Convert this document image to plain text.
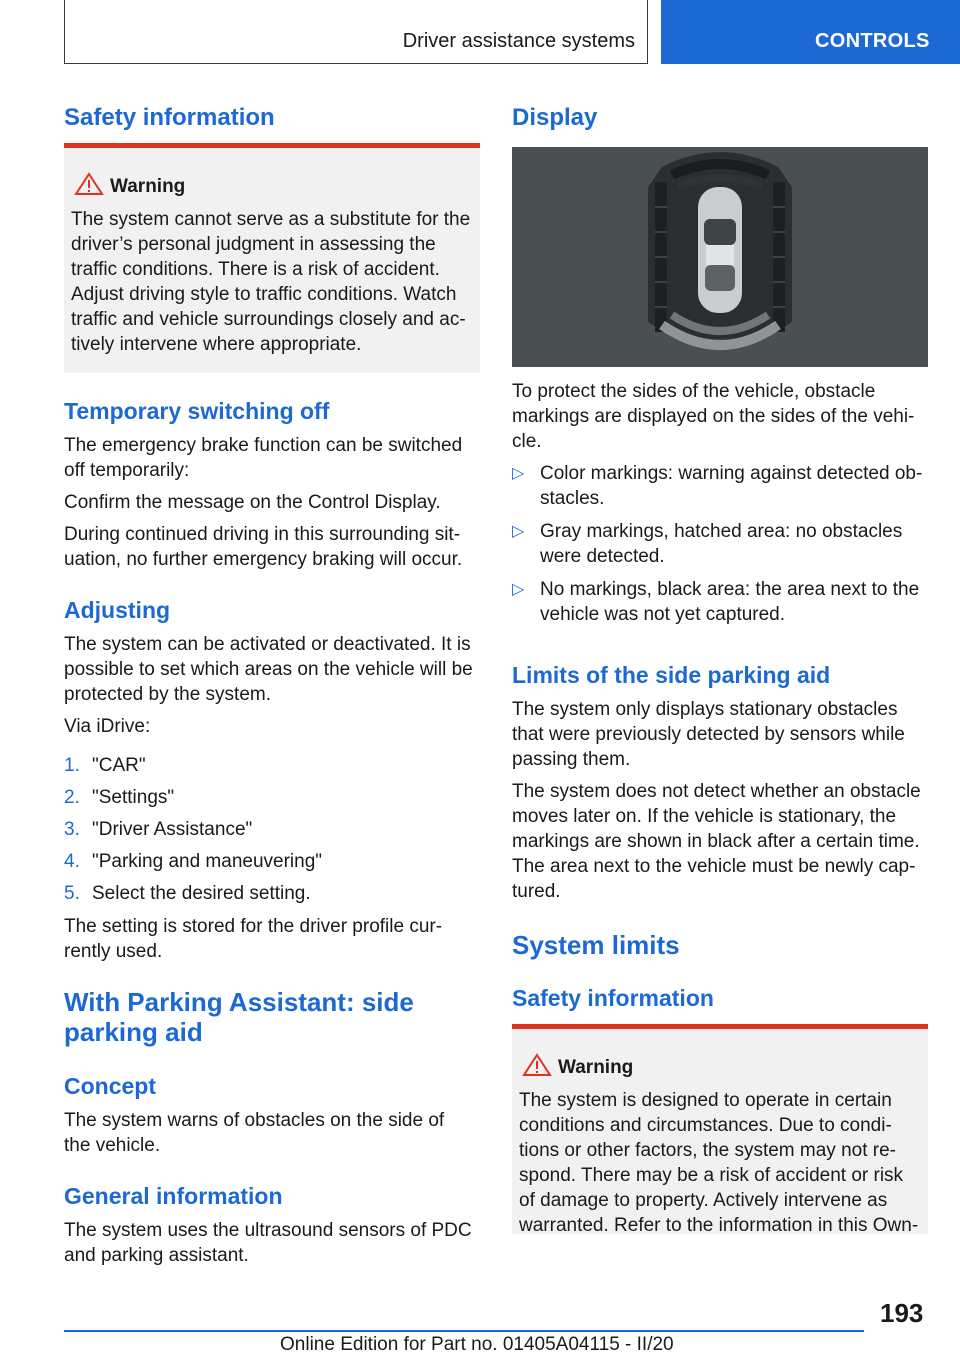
Driver assistance systems	CONTROLS
Safety information
Warning
The system cannot serve as a substitute for the
driver’s personal judgment in assessing the
traffic conditions. There is a risk of accident.
Adjust driving style to traffic conditions. Watch
traffic and vehicle surroundings closely and ac‐
tively intervene where appropriate.
Temporary switching off
The emergency brake function can be switched
off temporarily:
Confirm the message on the Control Display.
During continued driving in this surrounding sit‐
uation, no further emergency braking will occur.
Adjusting
The system can be activated or deactivated. It is
possible to set which areas on the vehicle will be
protected by the system.
Via iDrive:
1. "CAR"
2. "Settings"
3. "Driver Assistance"
4. "Parking and maneuvering"
5. Select the desired setting.
The setting is stored for the driver profile cur‐
rently used.
With Parking Assistant: side
parking aid
Concept
The system warns of obstacles on the side of
the vehicle.
General information
The system uses the ultrasound sensors of PDC
and parking assistant.
Display
To protect the sides of the vehicle, obstacle
markings are displayed on the sides of the vehi‐
cle.
▷ Color markings: warning against detected ob‐
stacles.
▷ Gray markings, hatched area: no obstacles
were detected.
▷ No markings, black area: the area next to the
vehicle was not yet captured.
Limits of the side parking aid
The system only displays stationary obstacles
that were previously detected by sensors while
passing them.
The system does not detect whether an obstacle
moves later on. If the vehicle is stationary, the
markings are shown in black after a certain time.
The area next to the vehicle must be newly cap‐
tured.
System limits
Safety information
Warning
The system is designed to operate in certain
conditions and circumstances. Due to condi‐
tions or other factors, the system may not re‐
spond. There may be a risk of accident or risk
of damage to property. Actively intervene as
warranted. Refer to the information in this Own‐
193
Online Edition for Part no. 01405A04115 - II/20
